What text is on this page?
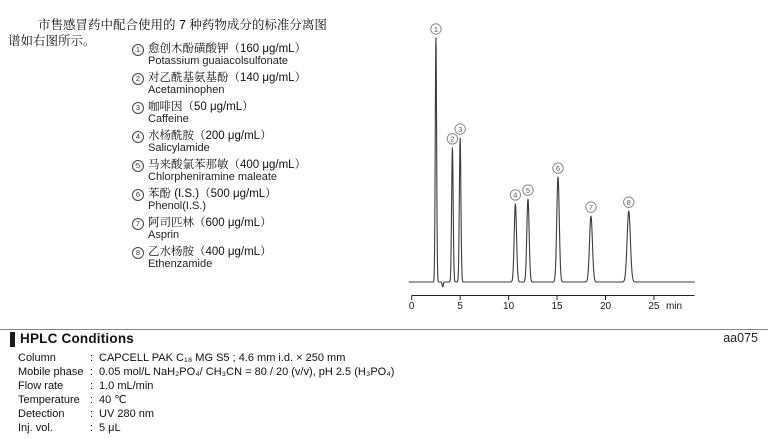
市售感冒药中配合使用的 7 种药物成分的标准分离图
谱如右图所示。

1 愈创木酚磺酸钾（160 μg/mL）
Potassium guaiacolsulfonate
2 对乙酰基氨基酚（140 μg/mL）
Acetaminophen
3 咖啡因（50 μg/mL）
Caffeine
4 水杨酰胺（200 μg/mL）
Salicylamide
5 马来酸氯苯那敏（400 μg/mL）
Chlorpheniramine maleate
6 苯酚 (I.S.)（500 μg/mL）
Phenol(I.S.)
7 阿司匹林（600 μg/mL）
Asprin
8 乙水杨胺（400 μg/mL）
Ethenzamide
0	5	10	15	20	25 min
1
2
3
4
5
6
7
8
HPLC Conditions	aa075
Column	: CAPCELL PAK C₁₈ MG S5 ; 4.6 mm i.d. × 250 mm
Mobile phase : 0.05 mol/L NaH₂PO₄/ CH₃CN = 80 / 20 (v/v), pH 2.5 (H₃PO₄)
Flow rate	: 1.0 mL/min
Temperature : 40 ℃
Detection	: UV 280 nm
Inj. vol.	: 5 μL
